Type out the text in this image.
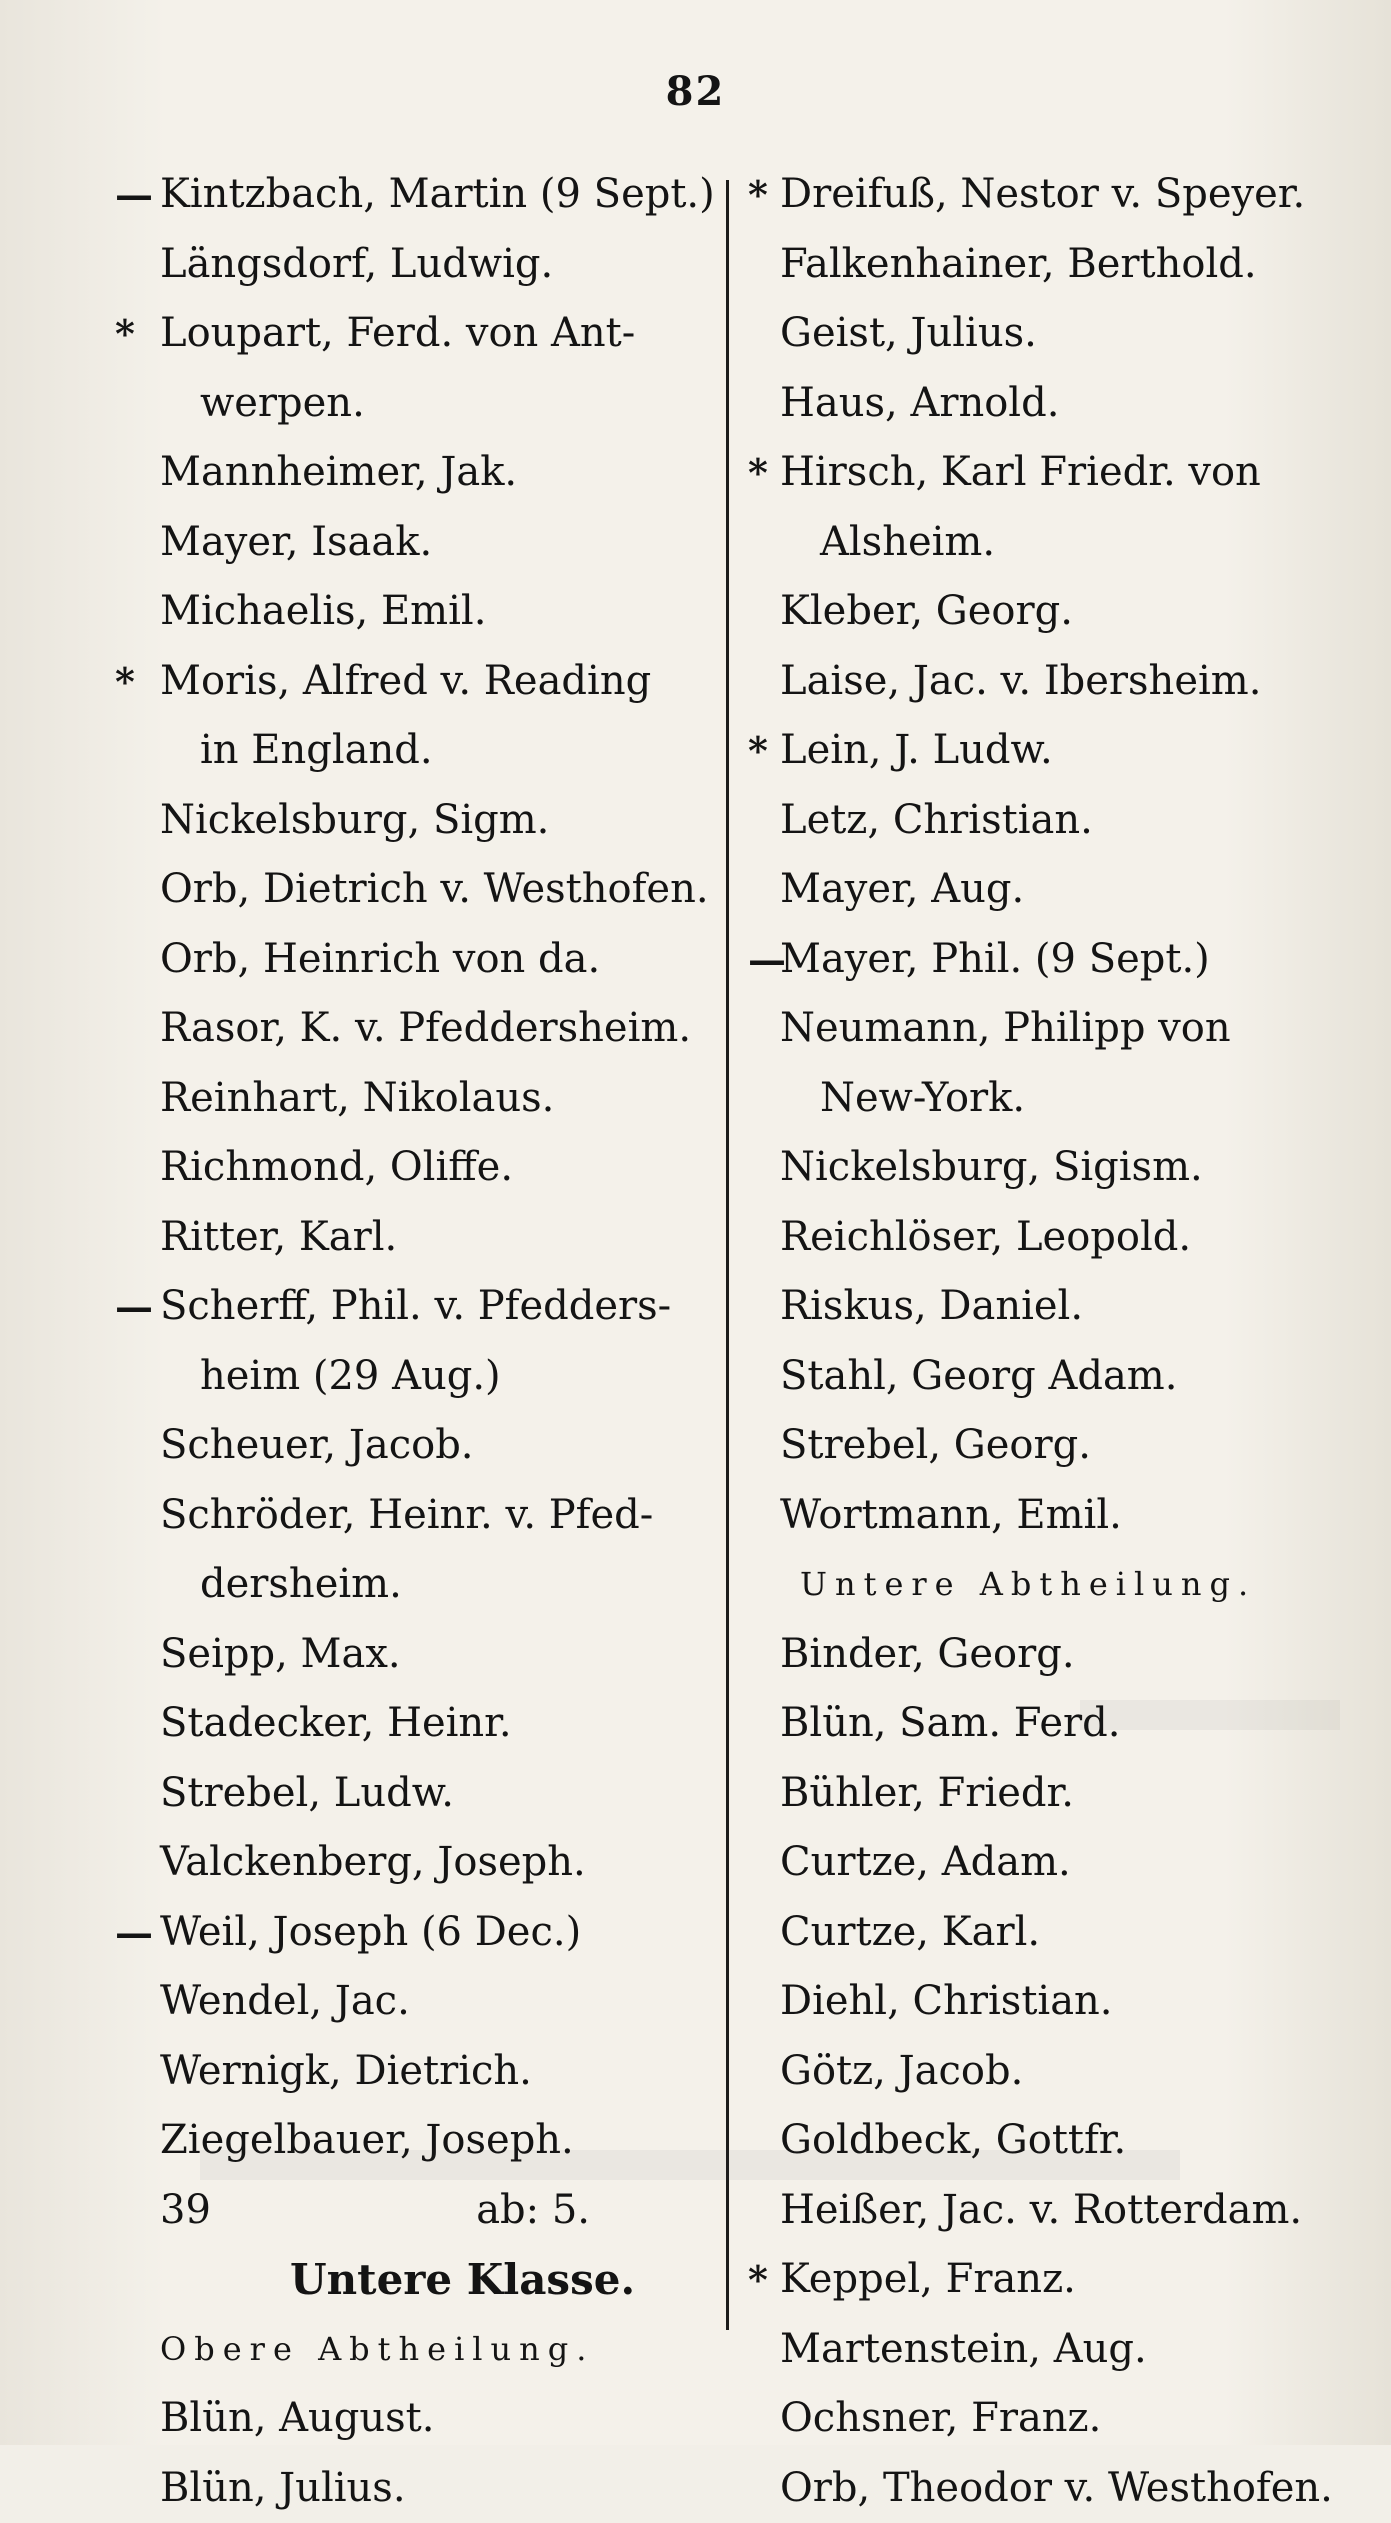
82
— Kintzbach, Martin (9 Sept.)
Längsdorf, Ludwig.
* Loupart, Ferd. von Ant-
werpen.
Mannheimer, Jak.
Mayer, Isaak.
Michaelis, Emil.
* Moris, Alfred v. Reading
in England.
Nickelsburg, Sigm.
Orb, Dietrich v. Westhofen.
Orb, Heinrich von da.
Rasor, K. v. Pfeddersheim.
Reinhart, Nikolaus.
Richmond, Oliffe.
Ritter, Karl.
— Scherff, Phil. v. Pfedders-
heim (29 Aug.)
Scheuer, Jacob.
Schröder, Heinr. v. Pfed-
dersheim.
Seipp, Max.
Stadecker, Heinr.
Strebel, Ludw.
Valckenberg, Joseph.
— Weil, Joseph (6 Dec.)
Wendel, Jac.
Wernigk, Dietrich.
Ziegelbauer, Joseph.
39	ab: 5.
Untere Klasse.
Obere Abtheilung.
Blün, August.
Blün, Julius.
* Dreifuß, Nestor v. Speyer.
Falkenhainer, Berthold.
Geist, Julius.
Haus, Arnold.
* Hirsch, Karl Friedr. von
Alsheim.
Kleber, Georg.
Laise, Jac. v. Ibersheim.
* Lein, J. Ludw.
Letz, Christian.
Mayer, Aug.
—
Mayer, Phil. (9 Sept.)
Neumann, Philipp von
New-York.
Nickelsburg, Sigism.
Reichlöser, Leopold.
Riskus, Daniel.
Stahl, Georg Adam.
Strebel, Georg.
Wortmann, Emil.
Untere Abtheilung.
Binder, Georg.
Blün, Sam. Ferd.
Bühler, Friedr.
Curtze, Adam.
Curtze, Karl.
Diehl, Christian.
Götz, Jacob.
Goldbeck, Gottfr.
Heißer, Jac. v. Rotterdam.
* Keppel, Franz.
Martenstein, Aug.
Ochsner, Franz.
Orb, Theodor v. Westhofen.
